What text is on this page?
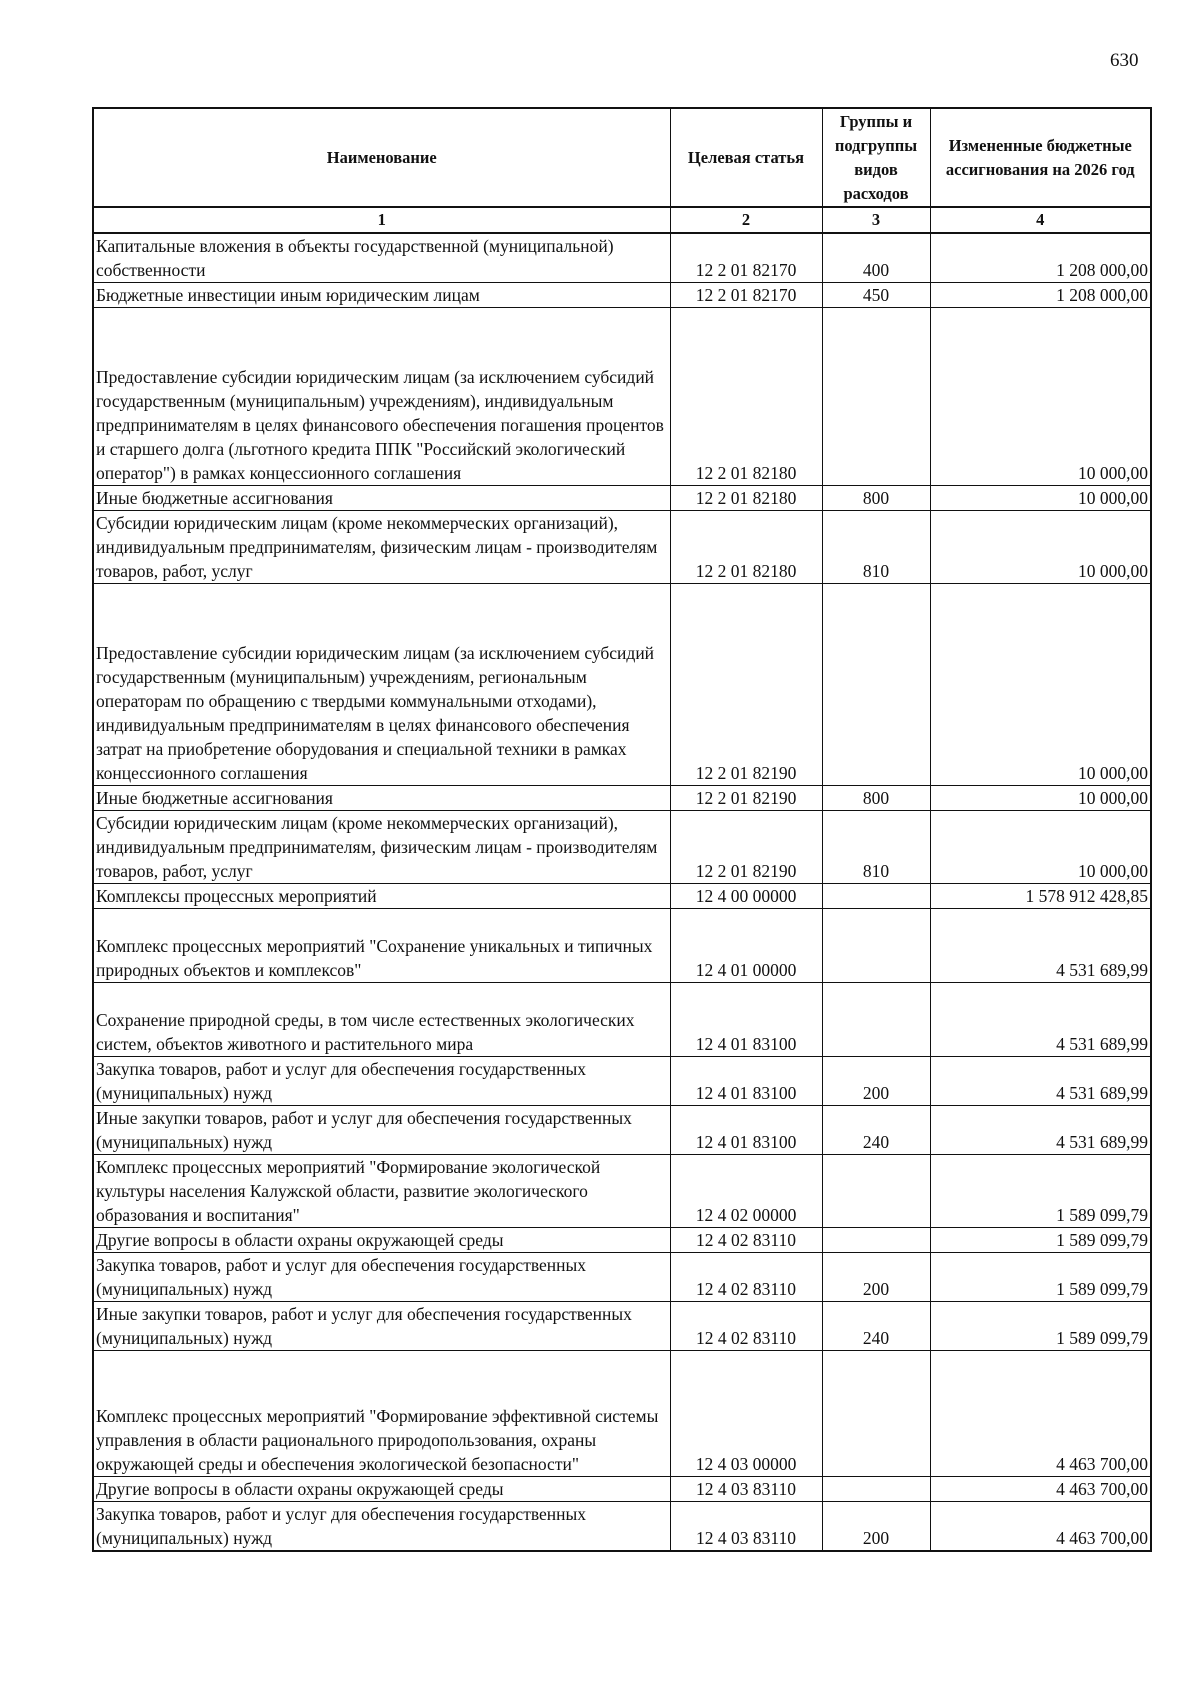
630
Наименование	Целевая статья	Группы и подгруппы видов расходов	Измененные бюджетные ассигнования на 2026 год
1	2	3	4
Капитальные вложения в объекты государственной (муниципальной) собственности	12 2 01 82170	400	1 208 000,00
Бюджетные инвестиции иным юридическим лицам	12 2 01 82170	450	1 208 000,00
Предоставление субсидии юридическим лицам (за исключением субсидий государственным (муниципальным) учреждениям), индивидуальным предпринимателям в целях финансового обеспечения погашения процентов и старшего долга (льготного кредита ППК "Российский экологический оператор") в рамках концессионного соглашения	12 2 01 82180		10 000,00
Иные бюджетные ассигнования	12 2 01 82180	800	10 000,00
Субсидии юридическим лицам (кроме некоммерческих организаций), индивидуальным предпринимателям, физическим лицам - производителям товаров, работ, услуг	12 2 01 82180	810	10 000,00
Предоставление субсидии юридическим лицам (за исключением субсидий государственным (муниципальным) учреждениям, региональным операторам по обращению с твердыми коммунальными отходами), индивидуальным предпринимателям в целях финансового обеспечения затрат на приобретение оборудования и специальной техники в рамках концессионного соглашения	12 2 01 82190		10 000,00
Иные бюджетные ассигнования	12 2 01 82190	800	10 000,00
Субсидии юридическим лицам (кроме некоммерческих организаций), индивидуальным предпринимателям, физическим лицам - производителям товаров, работ, услуг	12 2 01 82190	810	10 000,00
Комплексы процессных мероприятий	12 4 00 00000		1 578 912 428,85
Комплекс процессных мероприятий "Сохранение уникальных и типичных природных объектов и комплексов"	12 4 01 00000		4 531 689,99
Сохранение природной среды, в том числе естественных экологических систем, объектов животного и растительного мира	12 4 01 83100		4 531 689,99
Закупка товаров, работ и услуг для обеспечения государственных (муниципальных) нужд	12 4 01 83100	200	4 531 689,99
Иные закупки товаров, работ и услуг для обеспечения государственных (муниципальных) нужд	12 4 01 83100	240	4 531 689,99
Комплекс процессных мероприятий "Формирование экологической культуры населения Калужской области, развитие экологического образования и воспитания"	12 4 02 00000		1 589 099,79
Другие вопросы в области охраны окружающей среды	12 4 02 83110		1 589 099,79
Закупка товаров, работ и услуг для обеспечения государственных (муниципальных) нужд	12 4 02 83110	200	1 589 099,79
Иные закупки товаров, работ и услуг для обеспечения государственных (муниципальных) нужд	12 4 02 83110	240	1 589 099,79
Комплекс процессных мероприятий "Формирование эффективной системы управления в области рационального природопользования, охраны окружающей среды и обеспечения экологической безопасности"	12 4 03 00000		4 463 700,00
Другие вопросы в области охраны окружающей среды	12 4 03 83110		4 463 700,00
Закупка товаров, работ и услуг для обеспечения государственных (муниципальных) нужд	12 4 03 83110	200	4 463 700,00
